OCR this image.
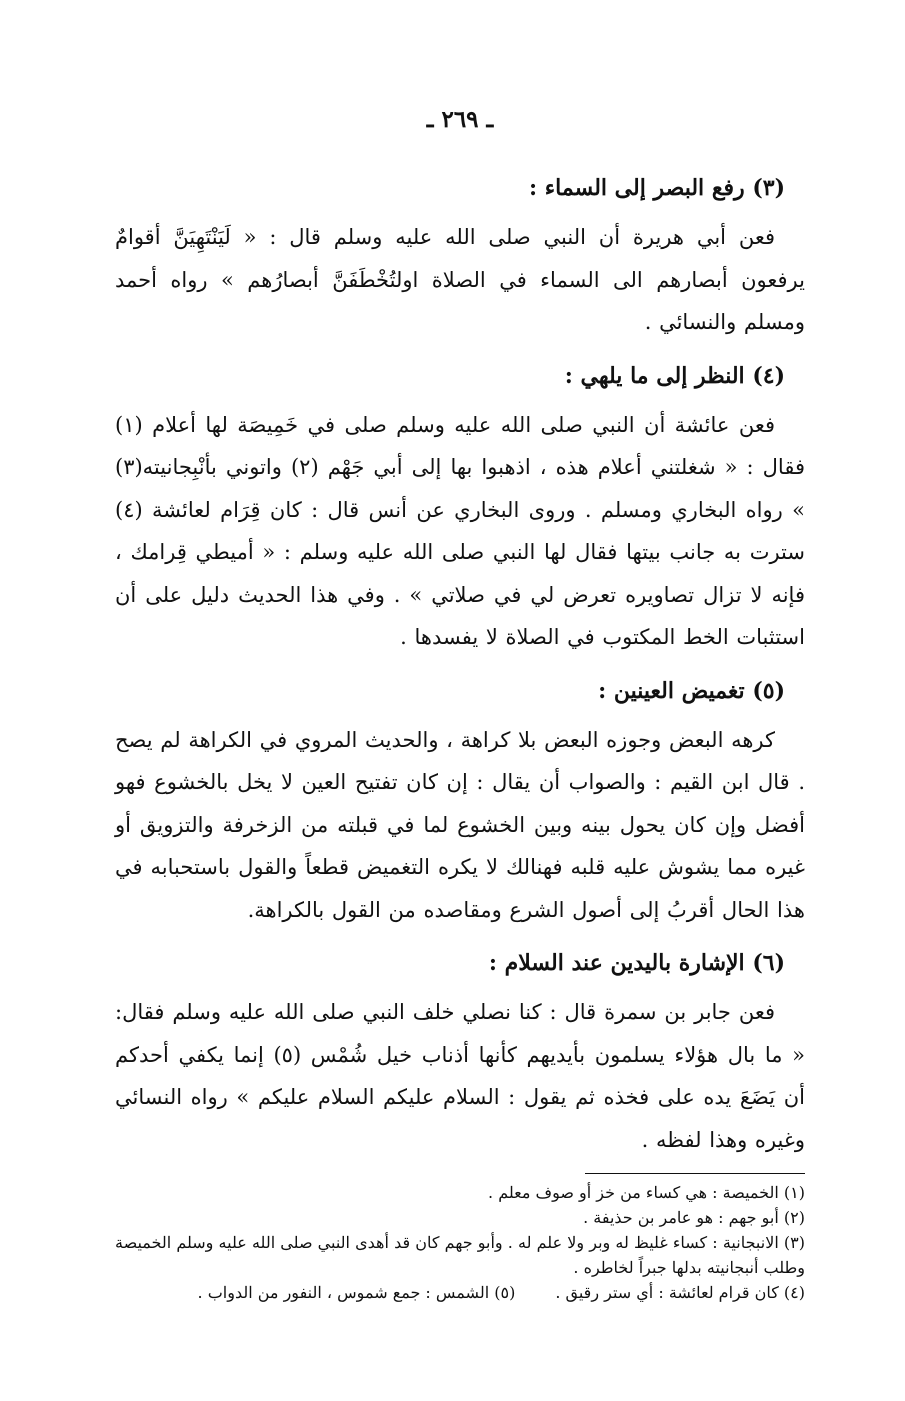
ـ ٢٦٩ ـ
(٣) رفع البصر إلى السماء :

فعن أبي هريرة أن النبي صلى الله عليه وسلم قال : « لَيَنْتَهِيَنَّ أقوامٌ يرفعون أبصارهم الى السماء في الصلاة اولتُخْطَفَنَّ أبصارُهم » رواه أحمد ومسلم والنسائي .

(٤) النظر إلى ما يلهي :

فعن عائشة أن النبي صلى الله عليه وسلم صلى في خَمِيصَة لها أعلام (١) فقال : « شغلتني أعلام هذه ، اذهبوا بها إلى أبي جَهْم (٢) واتوني بأنْبِجانيته(٣) » رواه البخاري ومسلم . وروى البخاري عن أنس قال : كان قِرَام لعائشة (٤) سترت به جانب بيتها فقال لها النبي صلى الله عليه وسلم : « أميطي قِرامك ، فإنه لا تزال تصاويره تعرض لي في صلاتي » . وفي هذا الحديث دليل على أن استثبات الخط المكتوب في الصلاة لا يفسدها .

(٥) تغميض العينين :

كرهه البعض وجوزه البعض بلا كراهة ، والحديث المروي في الكراهة لم يصح . قال ابن القيم : والصواب أن يقال : إن كان تفتيح العين لا يخل بالخشوع فهو أفضل وإن كان يحول بينه وبين الخشوع لما في قبلته من الزخرفة والتزويق أو غيره مما يشوش عليه قلبه فهنالك لا يكره التغميض قطعاً والقول باستحبابه في هذا الحال أقربُ إلى أصول الشرع ومقاصده من القول بالكراهة.

(٦) الإشارة باليدين عند السلام :

فعن جابر بن سمرة قال : كنا نصلي خلف النبي صلى الله عليه وسلم فقال: « ما بال هؤلاء يسلمون بأيديهم كأنها أذناب خيل شُمْس (٥) إنما يكفي أحدكم أن يَضَعَ يده على فخذه ثم يقول : السلام عليكم السلام عليكم » رواه النسائي وغيره وهذا لفظه .

(١) الخميصة : هي كساء من خز أو صوف معلم .
(٢) أبو جهم : هو عامر بن حذيفة .
(٣) الانبجانية : كساء غليظ له وبر ولا علم له . وأبو جهم كان قد أهدى النبي صلى الله عليه وسلم الخميصة وطلب أنبجانيته بدلها جبراً لخاطره .
(٤) كان قرام لعائشة : أي ستر رقيق .(٥) الشمس : جمع شموس ، النفور من الدواب .
